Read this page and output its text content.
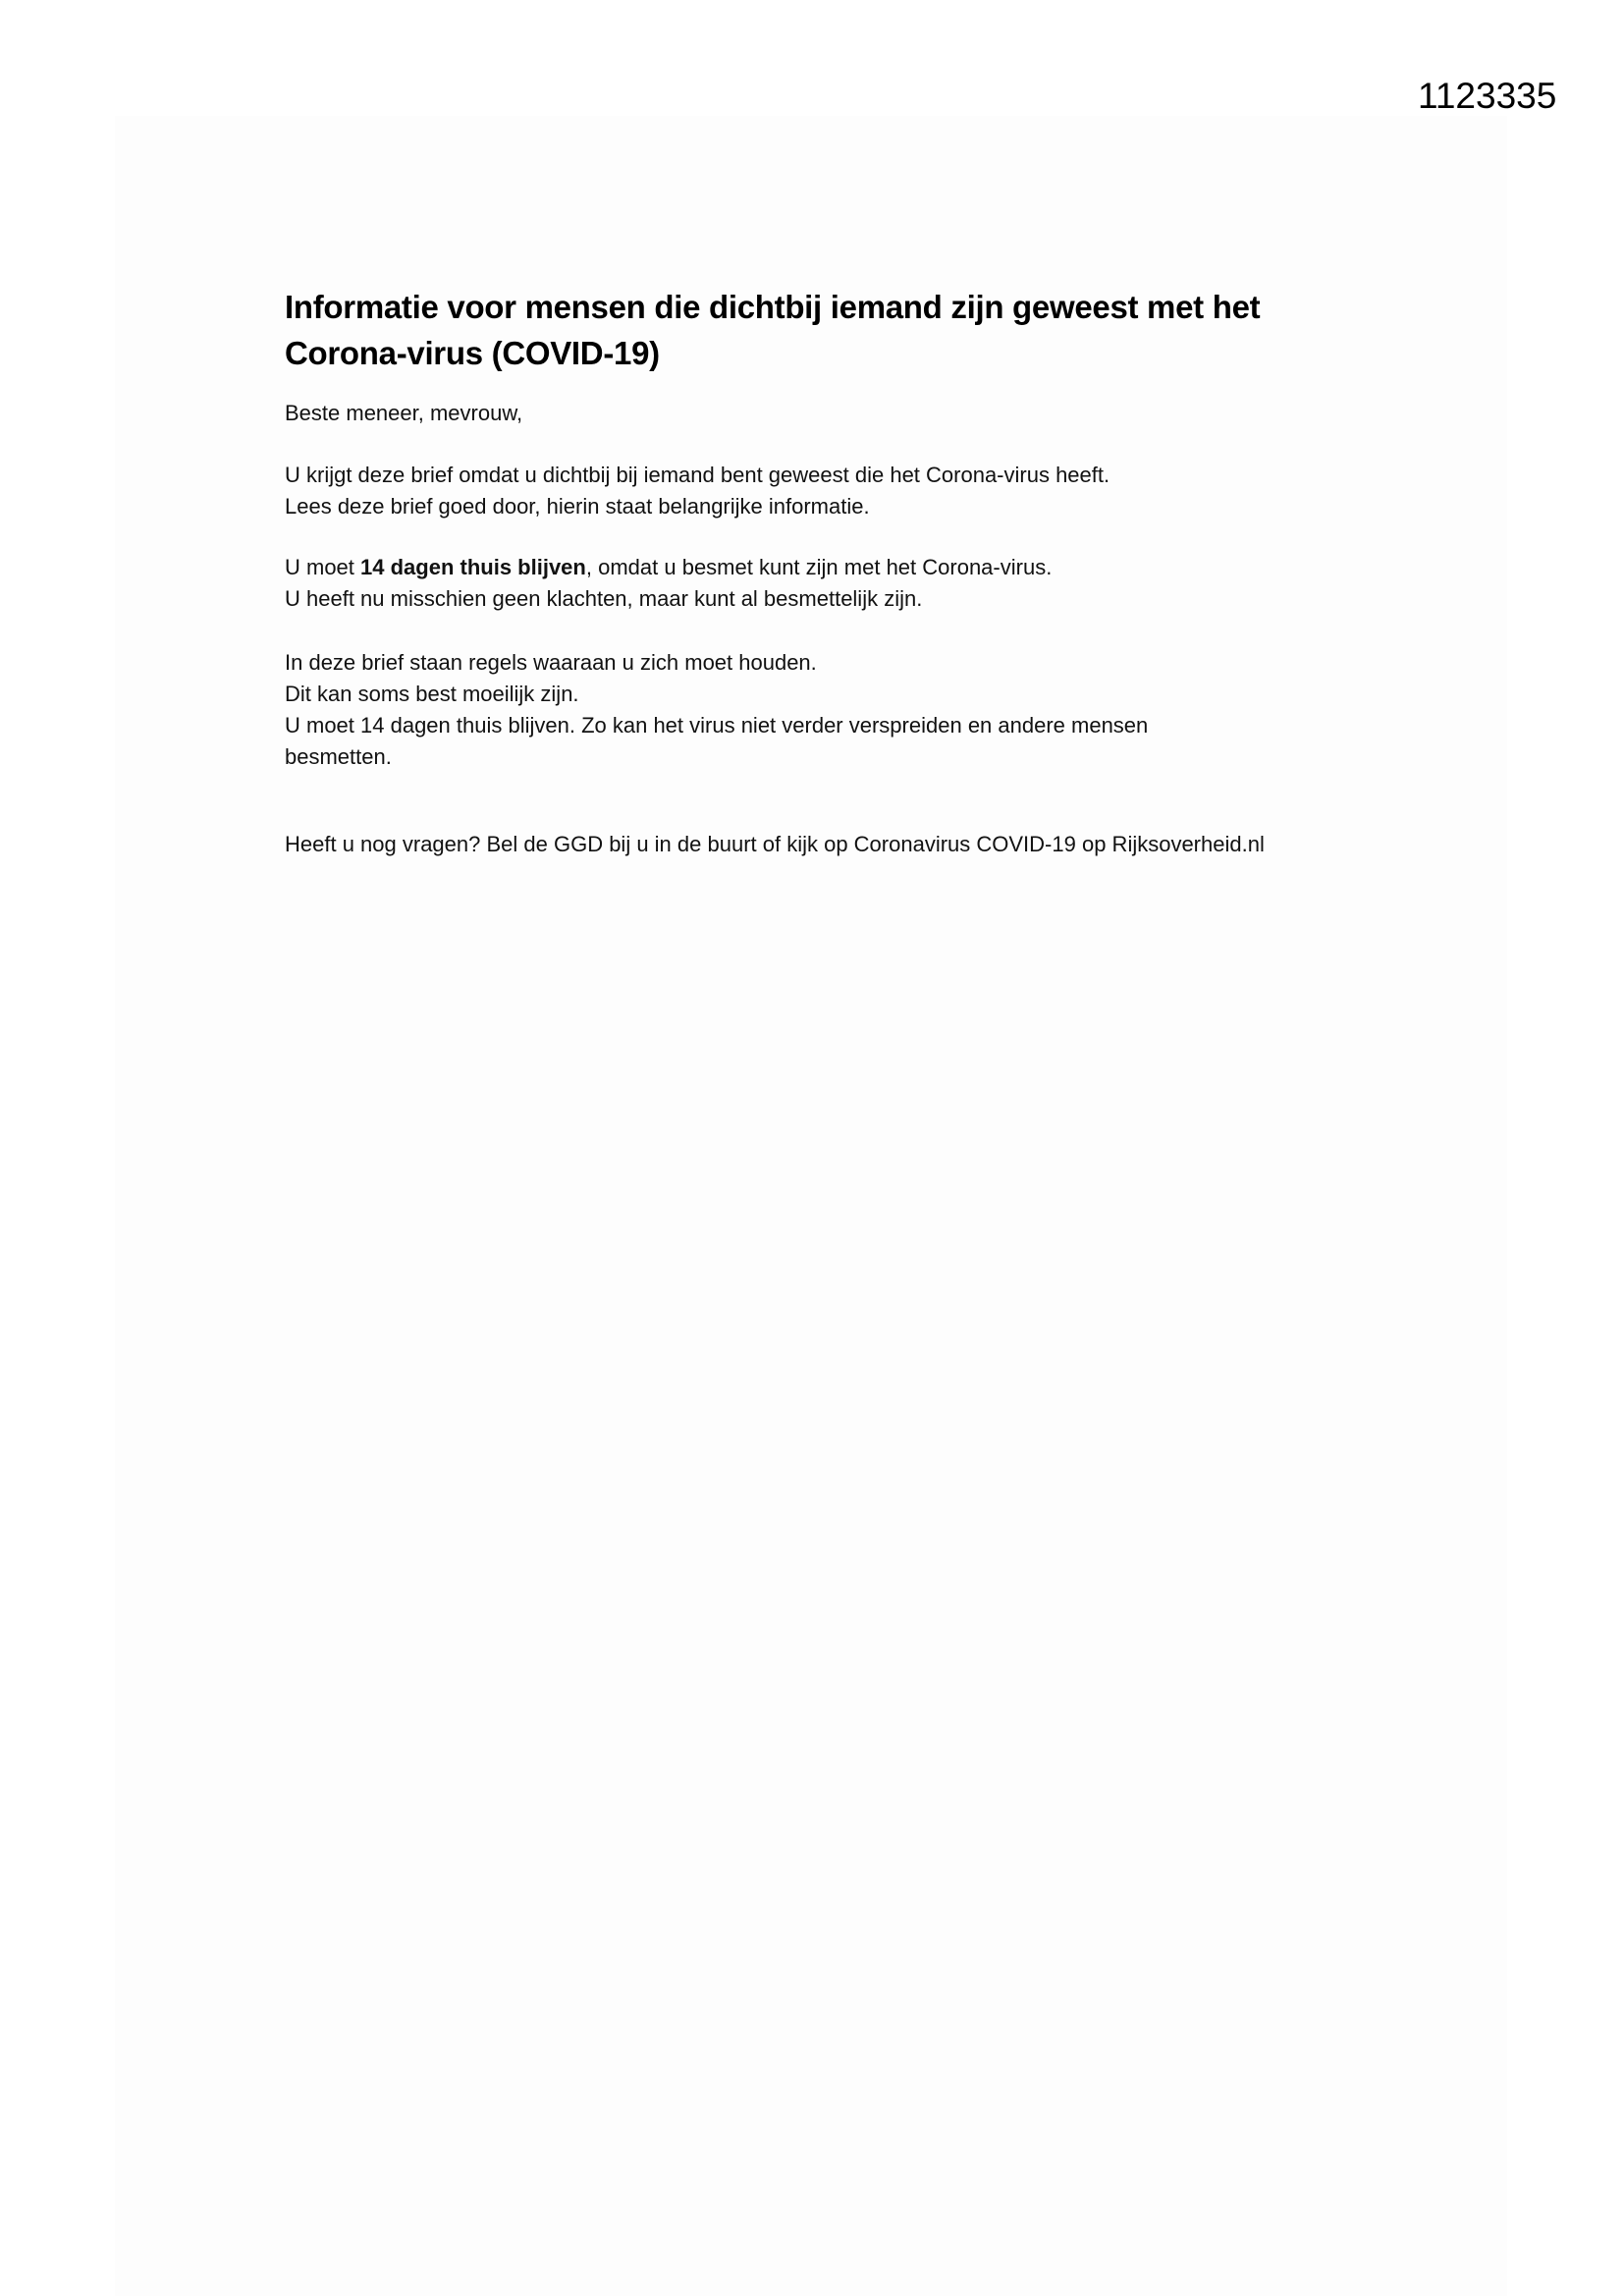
1123335
Informatie voor mensen die dichtbij iemand zijn geweest met het
Corona-virus (COVID-19)

Beste meneer, mevrouw,

U krijgt deze brief omdat u dichtbij bij iemand bent geweest die het Corona-virus heeft.
Lees deze brief goed door, hierin staat belangrijke informatie.

U moet 14 dagen thuis blijven, omdat u besmet kunt zijn met het Corona-virus.
U heeft nu misschien geen klachten, maar kunt al besmettelijk zijn.

In deze brief staan regels waaraan u zich moet houden.
Dit kan soms best moeilijk zijn.
U moet 14 dagen thuis blijven. Zo kan het virus niet verder verspreiden en andere mensen
besmetten.

Heeft u nog vragen? Bel de GGD bij u in de buurt of kijk op Coronavirus COVID-19 op Rijksoverheid.nl
